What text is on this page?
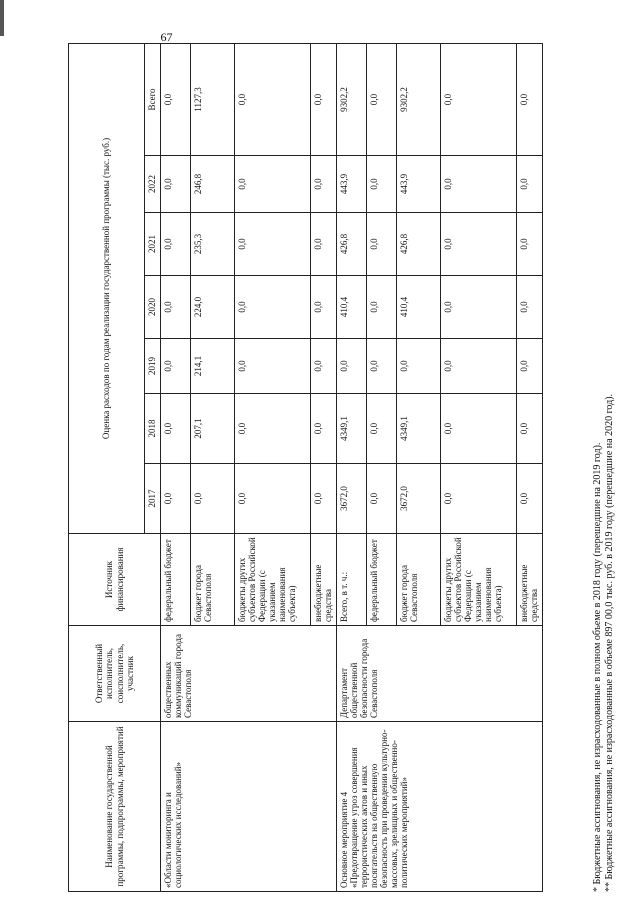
67
Наименование государственной программы, подпрограммы, мероприятий	Ответственный исполнитель, соисполнитель, участник	Источник финансирования	Оценка расходов по годам реализации государственной программы (тыс. руб.)						
			2017	2018	2019	2020	2021	2022	Всего
«Области мониторинга и социологических исследований»	общественных коммуникаций города Севастополя	федеральный бюджет	0,0	0,0	0,0	0,0	0,0	0,0	0,0
		бюджет города Севастополя	0,0	207,1	214,1	224,0	235,3	246,8	1127,3
		бюджеты других субъектов Российской Федерации (с указанием наименования субъекта)	0,0	0,0	0,0	0,0	0,0	0,0	0,0
		внебюджетные средства	0,0	0,0	0,0	0,0	0,0	0,0	0,0
Основное мероприятие 4 «Предотвращение угроз совершения террористических актов и иных посягательств на общественную безопасность при проведении культурно-массовых, зрелищных и общественно-политических мероприятий»	Департамент общественной безопасности города Севастополя	Всего, в т. ч.:	3672,0	4349,1	0,0	410,4	426,8	443,9	9302,2
		федеральный бюджет	0,0	0,0	0,0	0,0	0,0	0,0	0,0
		бюджет города Севастополя	3672,0	4349,1	0,0	410,4	426,8	443,9	9302,2
		бюджеты других субъектов Российской Федерации (с указанием наименования субъекта)	0,0	0,0	0,0	0,0	0,0	0,0	0,0
		внебюджетные средства	0,0	0,0	0,0	0,0	0,0	0,0	0,0
* Бюджетные ассигнования, не израсходованные в полном объеме в 2018 году (перешедшие на 2019 год). ** Бюджетные ассигнования, не израсходованные в объеме 897 00,0 тыс. руб. в 2019 году (перешедшие на 2020 год).
